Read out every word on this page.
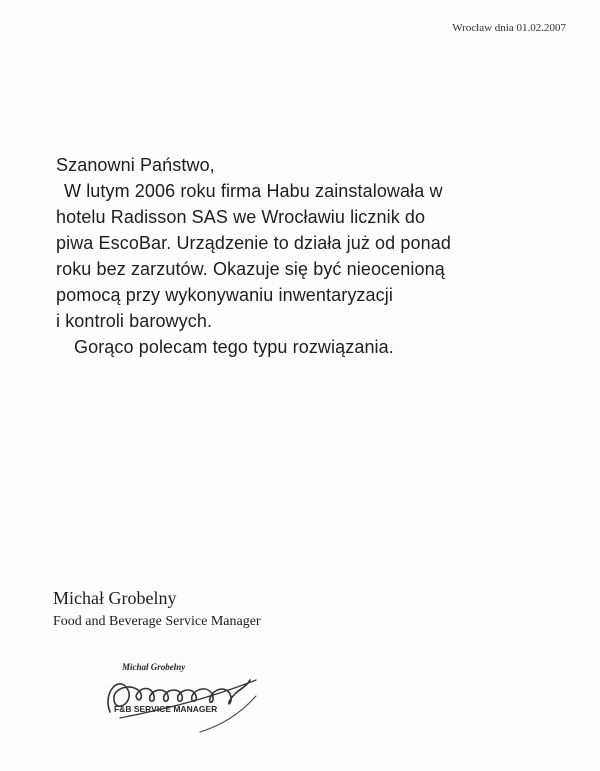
Wrocław dnia 01.02.2007
Szanowni Państwo,
W lutym 2006 roku firma Habu zainstalowała w
hotelu Radisson SAS we Wrocławiu licznik do
piwa EscoBar. Urządzenie to działa już od ponad
roku bez zarzutów. Okazuje się być nieocenioną
pomocą przy wykonywaniu inwentaryzacji
i kontroli barowych.
Gorąco polecam tego typu rozwiązania.
Michał Grobelny
Food and Beverage Service Manager
Michał Grobelny
F&B SERVICE MANAGER
